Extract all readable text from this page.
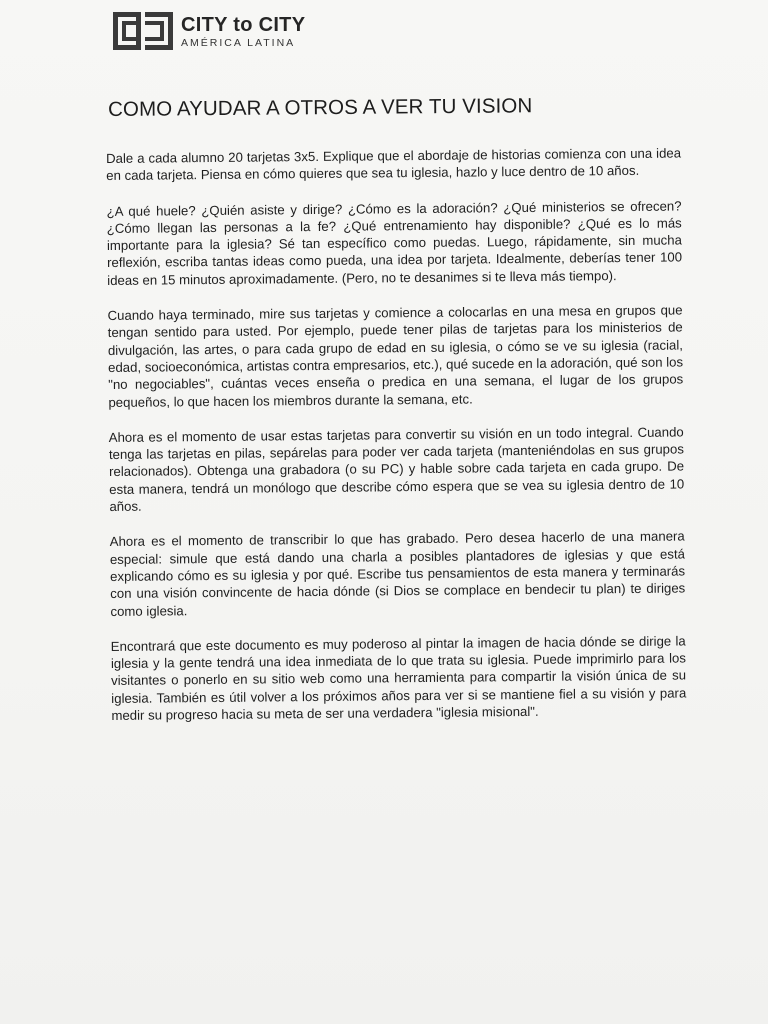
CITY to CITY
AMÉRICA LATINA
COMO AYUDAR A OTROS A VER TU VISION

Dale a cada alumno 20 tarjetas 3x5. Explique que el abordaje de historias comienza con una idea en cada tarjeta. Piensa en cómo quieres que sea tu iglesia, hazlo y luce dentro de 10 años.

¿A qué huele? ¿Quién asiste y dirige? ¿Cómo es la adoración? ¿Qué ministerios se ofrecen? ¿Cómo llegan las personas a la fe? ¿Qué entrenamiento hay disponible? ¿Qué es lo más importante para la iglesia? Sé tan específico como puedas. Luego, rápidamente, sin mucha reflexión, escriba tantas ideas como pueda, una idea por tarjeta. Idealmente, deberías tener 100 ideas en 15 minutos aproximadamente. (Pero, no te desanimes si te lleva más tiempo).

Cuando haya terminado, mire sus tarjetas y comience a colocarlas en una mesa en grupos que tengan sentido para usted. Por ejemplo, puede tener pilas de tarjetas para los ministerios de divulgación, las artes, o para cada grupo de edad en su iglesia, o cómo se ve su iglesia (racial, edad, socioeconómica, artistas contra empresarios, etc.), qué sucede en la adoración, qué son los "no negociables", cuántas veces enseña o predica en una semana, el lugar de los grupos pequeños, lo que hacen los miembros durante la semana, etc.

Ahora es el momento de usar estas tarjetas para convertir su visión en un todo integral. Cuando tenga las tarjetas en pilas, sepárelas para poder ver cada tarjeta (manteniéndolas en sus grupos relacionados). Obtenga una grabadora (o su PC) y hable sobre cada tarjeta en cada grupo. De esta manera, tendrá un monólogo que describe cómo espera que se vea su iglesia dentro de 10 años.

Ahora es el momento de transcribir lo que has grabado. Pero desea hacerlo de una manera especial: simule que está dando una charla a posibles plantadores de iglesias y que está explicando cómo es su iglesia y por qué. Escribe tus pensamientos de esta manera y terminarás con una visión convincente de hacia dónde (si Dios se complace en bendecir tu plan) te diriges como iglesia.

Encontrará que este documento es muy poderoso al pintar la imagen de hacia dónde se dirige la iglesia y la gente tendrá una idea inmediata de lo que trata su iglesia. Puede imprimirlo para los visitantes o ponerlo en su sitio web como una herramienta para compartir la visión única de su iglesia. También es útil volver a los próximos años para ver si se mantiene fiel a su visión y para medir su progreso hacia su meta de ser una verdadera "iglesia misional".
